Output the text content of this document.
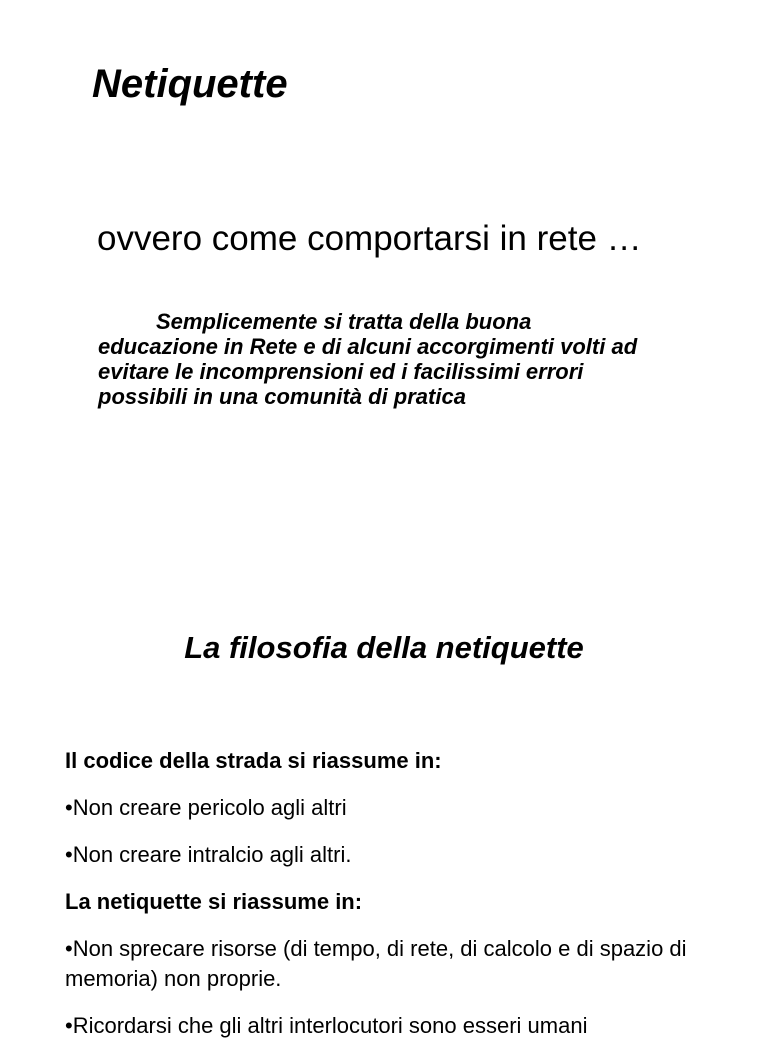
Netiquette

ovvero come comportarsi in rete …

Semplicemente si tratta della buona
educazione in Rete e di alcuni accorgimenti volti ad
evitare le incomprensioni ed i facilissimi errori
possibili in una comunità di pratica

La filosofia della netiquette

Il codice della strada si riassume in:

•Non creare pericolo agli altri

•Non creare intralcio agli altri.

La netiquette si riassume in:

•Non sprecare risorse (di tempo, di rete, di calcolo e di spazio di memoria) non proprie.

•Ricordarsi che gli altri interlocutori sono esseri umani
